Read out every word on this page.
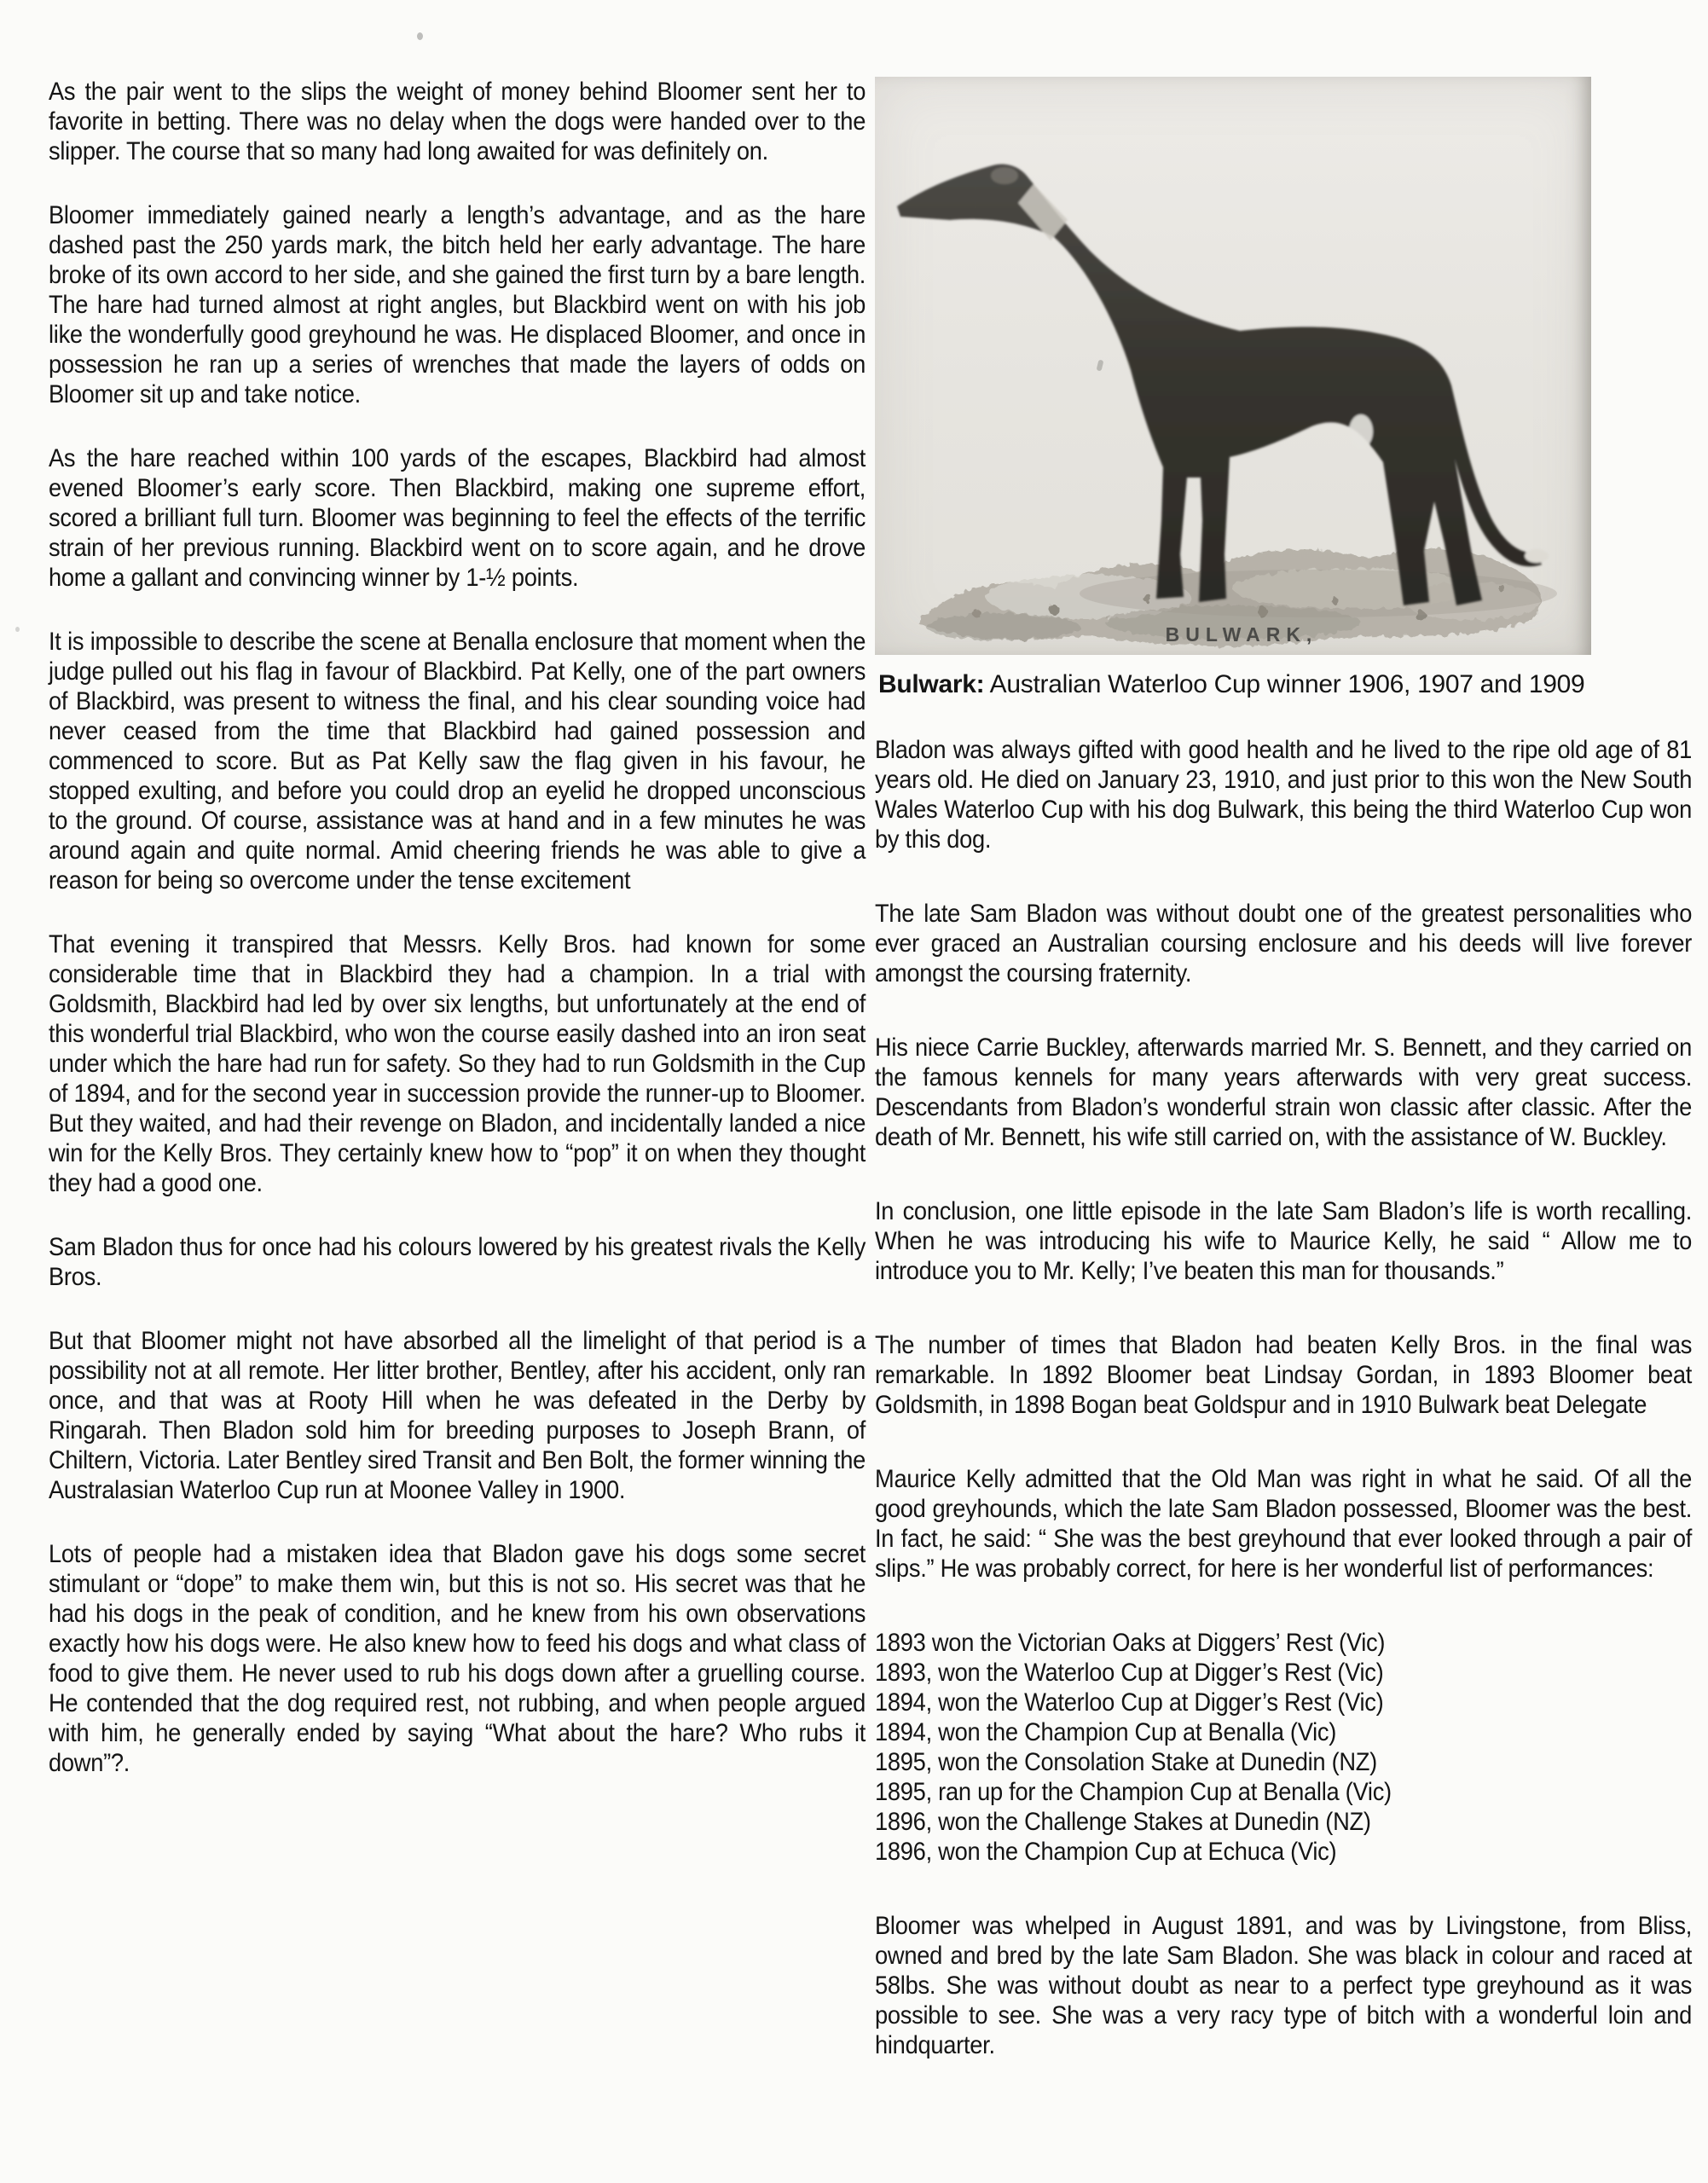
As the pair went to the slips the weight of money behind Bloomer sent her to favorite in betting. There was no delay when the dogs were handed over to the slipper. The course that so many had long awaited for was definitely on.

Bloomer immediately gained nearly a length’s advantage, and as the hare dashed past the 250 yards mark, the bitch held her early advantage. The hare broke of its own accord to her side, and she gained the first turn by a bare length. The hare had turned almost at right angles, but Blackbird went on with his job like the wonderfully good greyhound he was. He displaced Bloomer, and once in possession he ran up a series of wrenches that made the layers of odds on Bloomer sit up and take notice.

As the hare reached within 100 yards of the escapes, Blackbird had almost evened Bloomer’s early score. Then Blackbird, making one supreme effort, scored a brilliant full turn. Bloomer was beginning to feel the effects of the terrific strain of her previous running. Blackbird went on to score again, and he drove home a gallant and convincing winner by 1-½ points.

It is impossible to describe the scene at Benalla enclosure that moment when the judge pulled out his flag in favour of Blackbird. Pat Kelly, one of the part owners of Blackbird, was present to witness the final, and his clear sounding voice had never ceased from the time that Blackbird had gained possession and commenced to score. But as Pat Kelly saw the flag given in his favour, he stopped exulting, and before you could drop an eyelid he dropped unconscious to the ground. Of course, assistance was at hand and in a few minutes he was around again and quite normal. Amid cheering friends he was able to give a reason for being so overcome under the tense excitement

That evening it transpired that Messrs. Kelly Bros. had known for some considerable time that in Blackbird they had a champion. In a trial with Goldsmith, Blackbird had led by over six lengths, but unfortunately at the end of this wonderful trial Blackbird, who won the course easily dashed into an iron seat under which the hare had run for safety. So they had to run Goldsmith in the Cup of 1894, and for the second year in succession provide the runner-up to Bloomer. But they waited, and had their revenge on Bladon, and incidentally landed a nice win for the Kelly Bros. They certainly knew how to “pop” it on when they thought they had a good one.

Sam Bladon thus for once had his colours lowered by his greatest rivals the Kelly Bros.

But that Bloomer might not have absorbed all the limelight of that period is a possibility not at all remote. Her litter brother, Bentley, after his accident, only ran once, and that was at Rooty Hill when he was defeated in the Derby by Ringarah. Then Bladon sold him for breeding purposes to Joseph Brann, of Chiltern, Victoria. Later Bentley sired Transit and Ben Bolt, the former winning the Australasian Waterloo Cup run at Moonee Valley in 1900.

Lots of people had a mistaken idea that Bladon gave his dogs some secret stimulant or “dope” to make them win, but this is not so. His secret was that he had his dogs in the peak of condition, and he knew from his own observations exactly how his dogs were. He also knew how to feed his dogs and what class of food to give them. He never used to rub his dogs down after a gruelling course. He contended that the dog required rest, not rubbing, and when people argued with him, he generally ended by saying “What about the hare? Who rubs it down”?.

BULWARK,

Bulwark: Australian Waterloo Cup winner 1906, 1907 and 1909

Bladon was always gifted with good health and he lived to the ripe old age of 81 years old. He died on January 23, 1910, and just prior to this won the New South Wales Waterloo Cup with his dog Bulwark, this being the third Waterloo Cup won by this dog.

The late Sam Bladon was without doubt one of the greatest personalities who ever graced an Australian coursing enclosure and his deeds will live forever amongst the coursing fraternity.

His niece Carrie Buckley, afterwards married Mr. S. Bennett, and they carried on the famous kennels for many years afterwards with very great success. Descendants from Bladon’s wonderful strain won classic after classic. After the death of Mr. Bennett, his wife still carried on, with the assistance of W. Buckley.

In conclusion, one little episode in the late Sam Bladon’s life is worth recalling. When he was introducing his wife to Maurice Kelly, he said “ Allow me to introduce you to Mr. Kelly; I’ve beaten this man for thousands.”

The number of times that Bladon had beaten Kelly Bros. in the final was remarkable. In 1892 Bloomer beat Lindsay Gordan, in 1893 Bloomer beat Goldsmith, in 1898 Bogan beat Goldspur and in 1910 Bulwark beat Delegate

Maurice Kelly admitted that the Old Man was right in what he said. Of all the good greyhounds, which the late Sam Bladon possessed, Bloomer was the best. In fact, he said: “ She was the best greyhound that ever looked through a pair of slips.” He was probably correct, for here is her wonderful list of performances:

1893 won the Victorian Oaks at Diggers’ Rest (Vic)

1893, won the Waterloo Cup at Digger’s Rest (Vic)

1894, won the Waterloo Cup at Digger’s Rest (Vic)

1894, won the Champion Cup at Benalla (Vic)

1895, won the Consolation Stake at Dunedin (NZ)

1895, ran up for the Champion Cup at Benalla (Vic)

1896, won the Challenge Stakes at Dunedin (NZ)

1896, won the Champion Cup at Echuca (Vic)

Bloomer was whelped in August 1891, and was by Livingstone, from Bliss, owned and bred by the late Sam Bladon. She was black in colour and raced at 58lbs. She was without doubt as near to a perfect type greyhound as it was possible to see. She was a very racy type of bitch with a wonderful loin and hindquarter.
